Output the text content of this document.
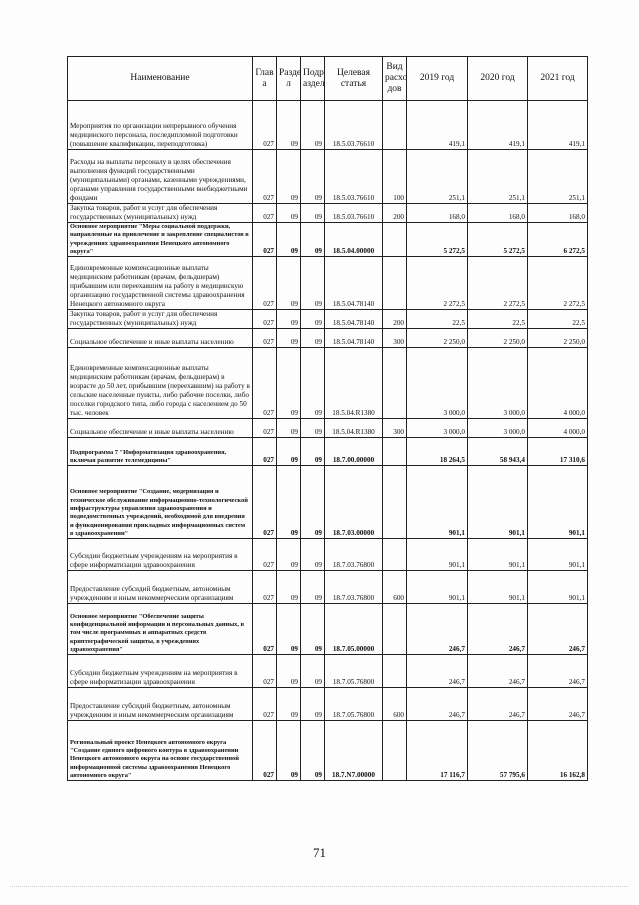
Наименование	Глав а	Разде л	Подр аздел	Целевая статья	Вид расхо дов	2019 год	2020 год	2021 год
Мероприятия по организации непрерывного обучения медицинского персонала, последипломной подготовки (повышение квалификации, переподготовка)	027	09	09	18.5.03.76610		419,1	419,1	419,1
Расходы на выплаты персоналу в целях обеспечения выполнения функций государственными (муниципальными) органами, казенными учреждениями, органами управления государственными внебюджетными фондами	027	09	09	18.5.03.76610	100	251,1	251,1	251,1
Закупка товаров, работ и услуг для обеспечения государственных (муниципальных) нужд	027	09	09	18.5.03.76610	200	168,0	168,0	168,0
Основное мероприятие "Меры социальной поддержки, направленные на привлечение и закрепление специалистов в учреждениях здравоохранения Ненецкого автономного округа"	027	09	09	18.5.04.00000		5 272,5	5 272,5	6 272,5
Единовременные компенсационные выплаты медицинским работникам (врачам, фельдшерам) прибывшим или переехавшим на работу в медицинскую организацию государственной системы здравоохранения Ненецкого автономного округа	027	09	09	18.5.04.78140		2 272,5	2 272,5	2 272,5
Закупка товаров, работ и услуг для обеспечения государственных (муниципальных) нужд	027	09	09	18.5.04.78140	200	22,5	22,5	22,5
Социальное обеспечение и иные выплаты населению	027	09	09	18.5.04.78140	300	2 250,0	2 250,0	2 250,0
Единовременные компенсационные выплаты медицинским работникам (врачам, фельдшерам) в возрасте до 50 лет, прибывшим (переехавшим) на работу в сельские населенные пункты, либо рабочие поселки, либо поселки городского типа, либо города с населением до 50 тыс. человек	027	09	09	18.5.04.R1380		3 000,0	3 000,0	4 000,0
Социальное обеспечение и иные выплаты населению	027	09	09	18.5.04.R1380	300	3 000,0	3 000,0	4 000,0
Подпрограмма 7 "Информатизация здравоохранения, включая развитие телемедицины"	027	09	09	18.7.00.00000		18 264,5	58 943,4	17 310,6
Основное мероприятие "Создание, модернизация и техническое обслуживание информационно-технологической инфраструктуры управления здравоохранения и подведомственных учреждений, необходимой для внедрения и функционирования прикладных информационных систем в здравоохранении"	027	09	09	18.7.03.00000		901,1	901,1	901,1
Субсидии бюджетным учреждениям на мероприятия в сфере информатизации здравоохранения	027	09	09	18.7.03.76800		901,1	901,1	901,1
Предоставление субсидий бюджетным, автономным учреждениям и иным некоммерческим организациям	027	09	09	18.7.03.76800	600	901,1	901,1	901,1
Основное мероприятие "Обеспечение защиты конфиденциальной информации и персональных данных, в том числе программных и аппаратных средств криптографической защиты, в учреждениях здравоохранения"	027	09	09	18.7.05.00000		246,7	246,7	246,7
Субсидии бюджетным учреждениям на мероприятия в сфере информатизации здравоохранения	027	09	09	18.7.05.76800		246,7	246,7	246,7
Предоставление субсидий бюджетным, автономным учреждениям и иным некоммерческим организациям	027	09	09	18.7.05.76800	600	246,7	246,7	246,7
Региональный проект Ненецкого автономного округа "Создание единого цифрового контура в здравоохранении Ненецкого автономного округа на основе государственной информационной системы здравоохранения Ненецкого автономного округа"	027	09	09	18.7.N7.00000		17 116,7	57 795,6	16 162,8
71
